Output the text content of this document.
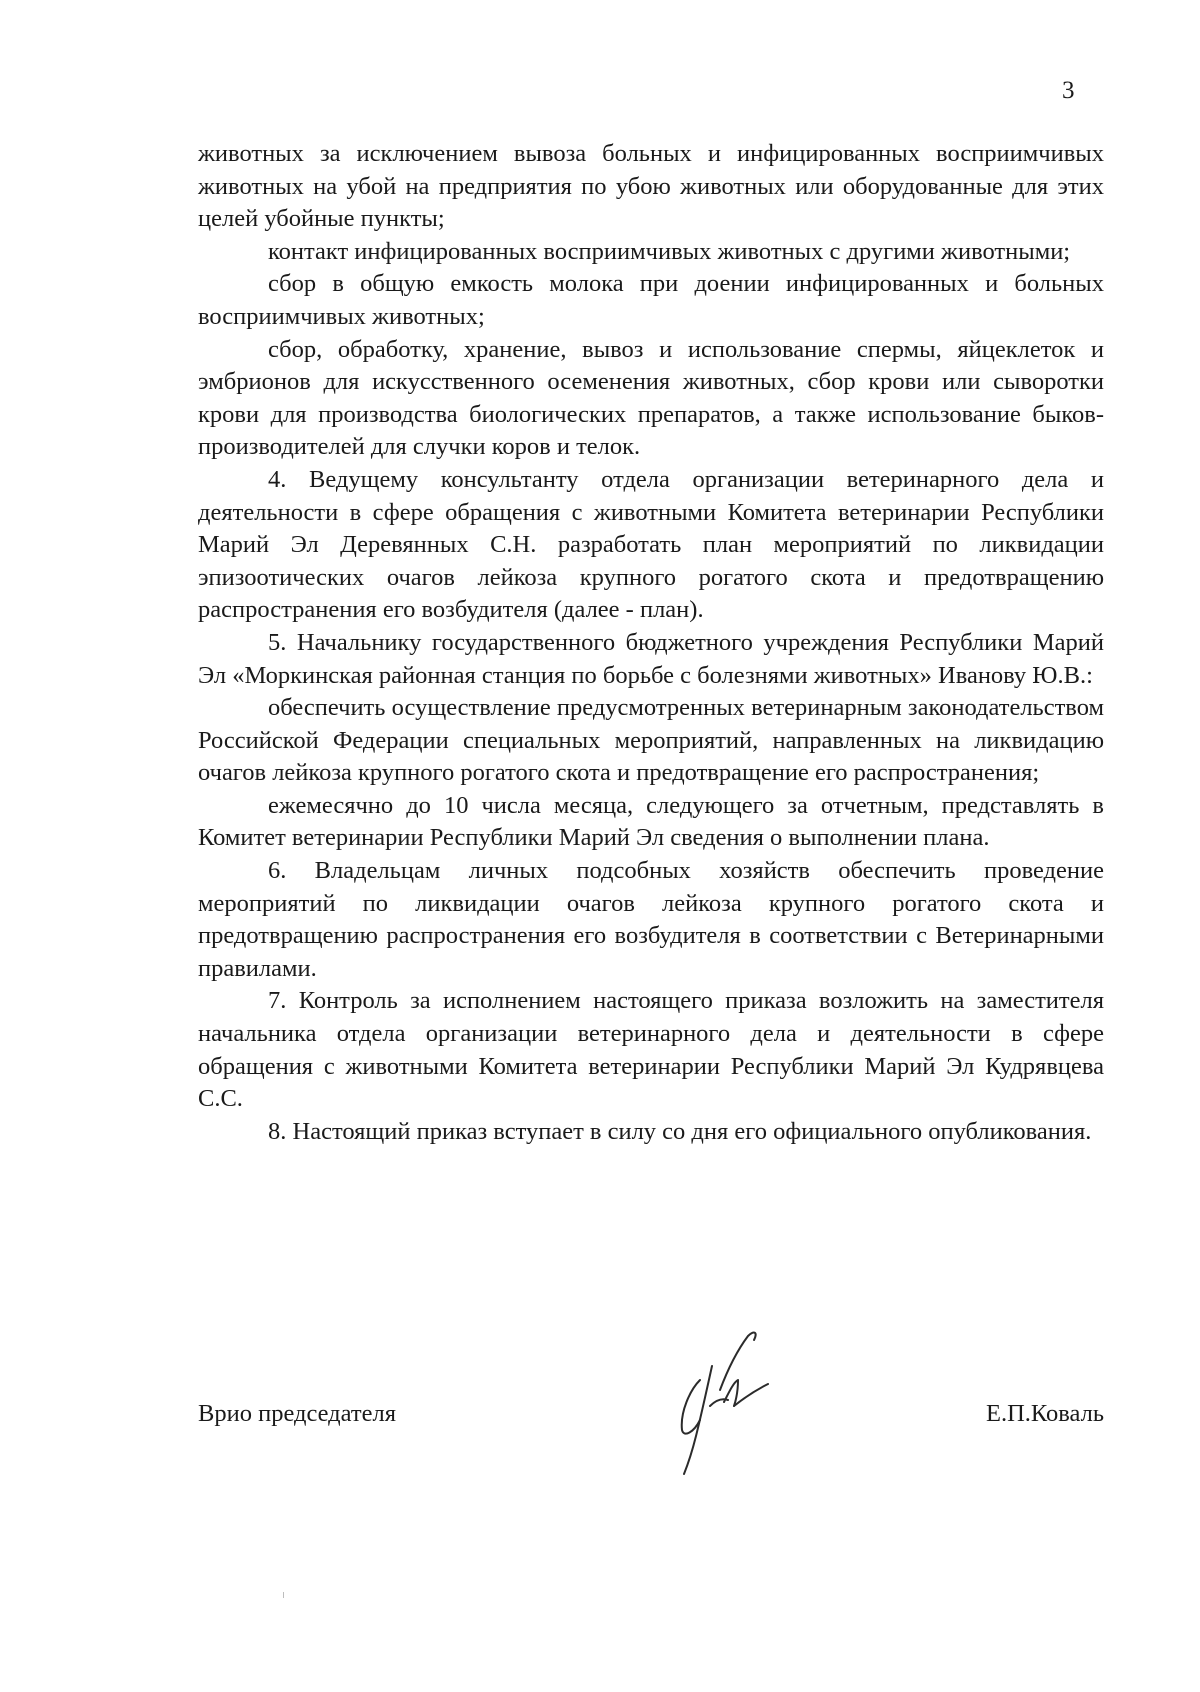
3

животных за исключением вывоза больных и инфицированных восприимчивых животных на убой на предприятия по убою животных или оборудованные для этих целей убойные пункты;

контакт инфицированных восприимчивых животных с другими животными;

сбор в общую емкость молока при доении инфицированных и больных восприимчивых животных;

сбор, обработку, хранение, вывоз и использование спермы, яйцеклеток и эмбрионов для искусственного осеменения животных, сбор крови или сыворотки крови для производства биологических препаратов, а также использование быков-производителей для случки коров и телок.

4. Ведущему консультанту отдела организации ветеринарного дела и деятельности в сфере обращения с животными Комитета ветеринарии Республики Марий Эл Деревянных С.Н. разработать план мероприятий по ликвидации эпизоотических очагов лейкоза крупного рогатого скота и предотвращению распространения его возбудителя (далее - план).

5. Начальнику государственного бюджетного учреждения Республики Марий Эл «Моркинская районная станция по борьбе с болезнями животных» Иванову Ю.В.:

обеспечить осуществление предусмотренных ветеринарным законодательством Российской Федерации специальных мероприятий, направленных на ликвидацию очагов лейкоза крупного рогатого скота и предотвращение его распространения;

ежемесячно до 10 числа месяца, следующего за отчетным, представлять в Комитет ветеринарии Республики Марий Эл сведения о выполнении плана.

6. Владельцам личных подсобных хозяйств обеспечить проведение мероприятий по ликвидации очагов лейкоза крупного рогатого скота и предотвращению распространения его возбудителя в соответствии с Ветеринарными правилами.

7. Контроль за исполнением настоящего приказа возложить на заместителя начальника отдела организации ветеринарного дела и деятельности в сфере обращения с животными Комитета ветеринарии Республики Марий Эл Кудрявцева С.С.

8. Настоящий приказ вступает в силу со дня его официального опубликования.

Врио председателя	Е.П.Коваль
